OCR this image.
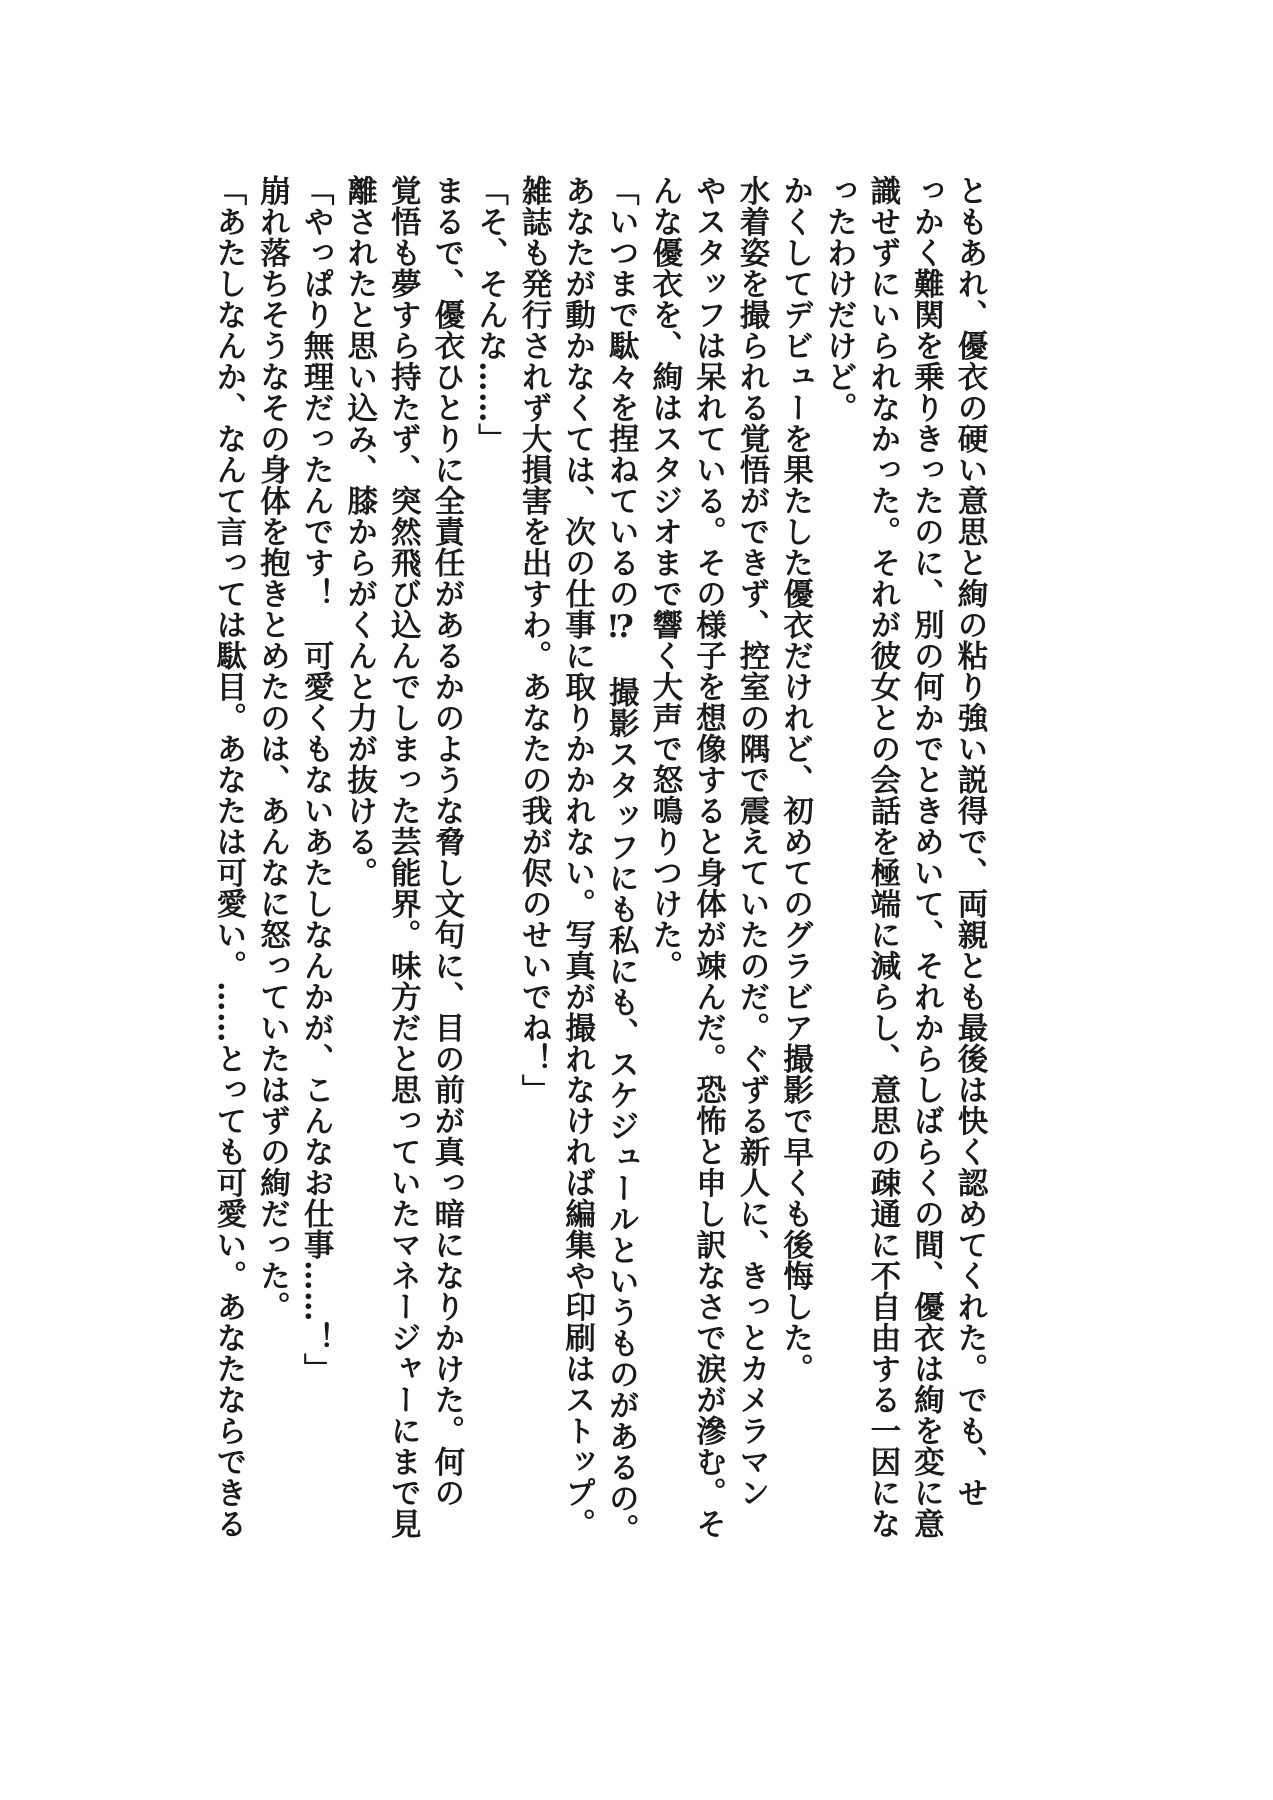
ともあれ、優衣の硬い意思と絢の粘り強い説得で、両親とも最後は快く認めてくれた。でも、せ
っかく難関を乗りきったのに、別の何かでときめいて、それからしばらくの間、優衣は絢を変に意
識せずにいられなかった。それが彼女との会話を極端に減らし、意思の疎通に不自由する一因にな
ったわけだけど。
かくしてデビューを果たした優衣だけれど、初めてのグラビア撮影で早くも後悔した。
水着姿を撮られる覚悟ができず、控室の隅で震えていたのだ。ぐずる新人に、きっとカメラマン
やスタッフは呆れている。その様子を想像すると身体が竦んだ。恐怖と申し訳なさで涙が滲む。そ
んな優衣を、絢はスタジオまで響く大声で怒鳴りつけた。
「いつまで駄々を捏ねているの⁉　撮影スタッフにも私にも、スケジュールというものがあるの。
あなたが動かなくては、次の仕事に取りかかれない。写真が撮れなければ編集や印刷はストップ。
雑誌も発行されず大損害を出すわ。あなたの我が侭のせいでね！」
「そ、そんな……」
まるで、優衣ひとりに全責任があるかのような脅し文句に、目の前が真っ暗になりかけた。何の
覚悟も夢すら持たず、突然飛び込んでしまった芸能界。味方だと思っていたマネージャーにまで見
離されたと思い込み、膝からがくんと力が抜ける。
「やっぱり無理だったんです！　可愛くもないあたしなんかが、こんなお仕事……！」
崩れ落ちそうなその身体を抱きとめたのは、あんなに怒っていたはずの絢だった。
「あたしなんか、なんて言っては駄目。あなたは可愛い。……とっても可愛い。あなたならできる
